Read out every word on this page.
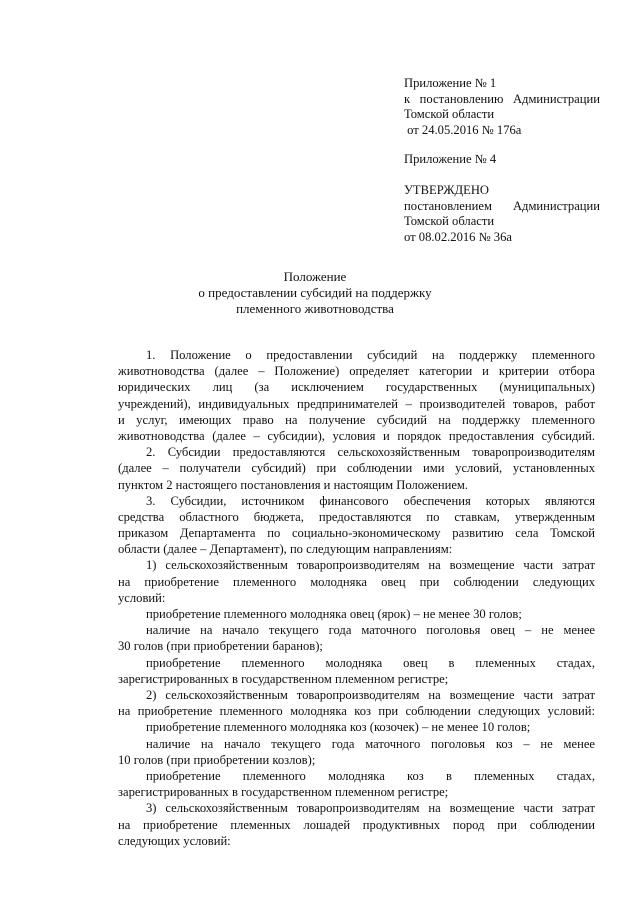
Приложение № 1
к постановлению Администрации
Томской области
от 24.05.2016 № 176а
Приложение № 4
УТВЕРЖДЕНО
постановлением Администрации
Томской области
от 08.02.2016 № 36а
Положение
о предоставлении субсидий на поддержку
племенного животноводства
1. Положение о предоставлении субсидий на поддержку племенного
животноводства (далее – Положение) определяет категории и критерии отбора
юридических лиц (за исключением государственных (муниципальных)
учреждений), индивидуальных предпринимателей – производителей товаров, работ
и услуг, имеющих право на получение субсидий на поддержку племенного
животноводства (далее – субсидии), условия и порядок предоставления субсидий.
2. Субсидии предоставляются сельскохозяйственным товаропроизводителям
(далее – получатели субсидий) при соблюдении ими условий, установленных
пунктом 2 настоящего постановления и настоящим Положением.
3. Субсидии, источником финансового обеспечения которых являются
средства областного бюджета, предоставляются по ставкам, утвержденным
приказом Департамента по социально-экономическому развитию села Томской
области (далее – Департамент), по следующим направлениям:
1) сельскохозяйственным товаропроизводителям на возмещение части затрат
на приобретение племенного молодняка овец при соблюдении следующих
условий:
приобретение племенного молодняка овец (ярок) – не менее 30 голов;
наличие на начало текущего года маточного поголовья овец – не менее
30 голов (при приобретении баранов);
приобретение племенного молодняка овец в племенных стадах,
зарегистрированных в государственном племенном регистре;
2) сельскохозяйственным товаропроизводителям на возмещение части затрат
на приобретение племенного молодняка коз при соблюдении следующих условий:
приобретение племенного молодняка коз (козочек) – не менее 10 голов;
наличие на начало текущего года маточного поголовья коз – не менее
10 голов (при приобретении козлов);
приобретение племенного молодняка коз в племенных стадах,
зарегистрированных в государственном племенном регистре;
3) сельскохозяйственным товаропроизводителям на возмещение части затрат
на приобретение племенных лошадей продуктивных пород при соблюдении
следующих условий:
